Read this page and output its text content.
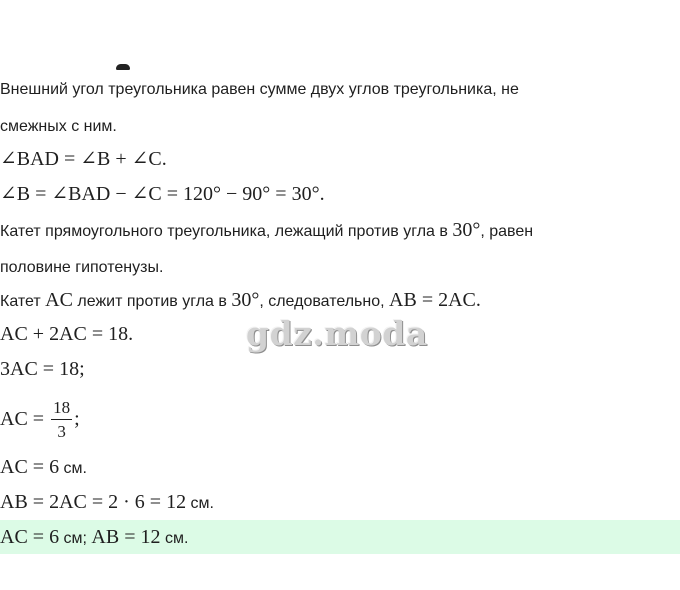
Внешний угол треугольника равен сумме двух углов треугольника, не
смежных с ним.
∠BAD = ∠B + ∠C.
∠B = ∠BAD − ∠C = 120° − 90° = 30°.
Катет прямоугольного треугольника, лежащий против угла в 30°, равен
половине гипотенузы.
Катет AC лежит против угла в 30°, следовательно, AB = 2AC.
AC + 2AC = 18.
3AC = 18;
AC = $\frac{18}{3}$ ;
AC = 6 см.
AB = 2AC = 2 · 6 = 12 см.
AC = 6 см; AB = 12 см.
gdz.moda
